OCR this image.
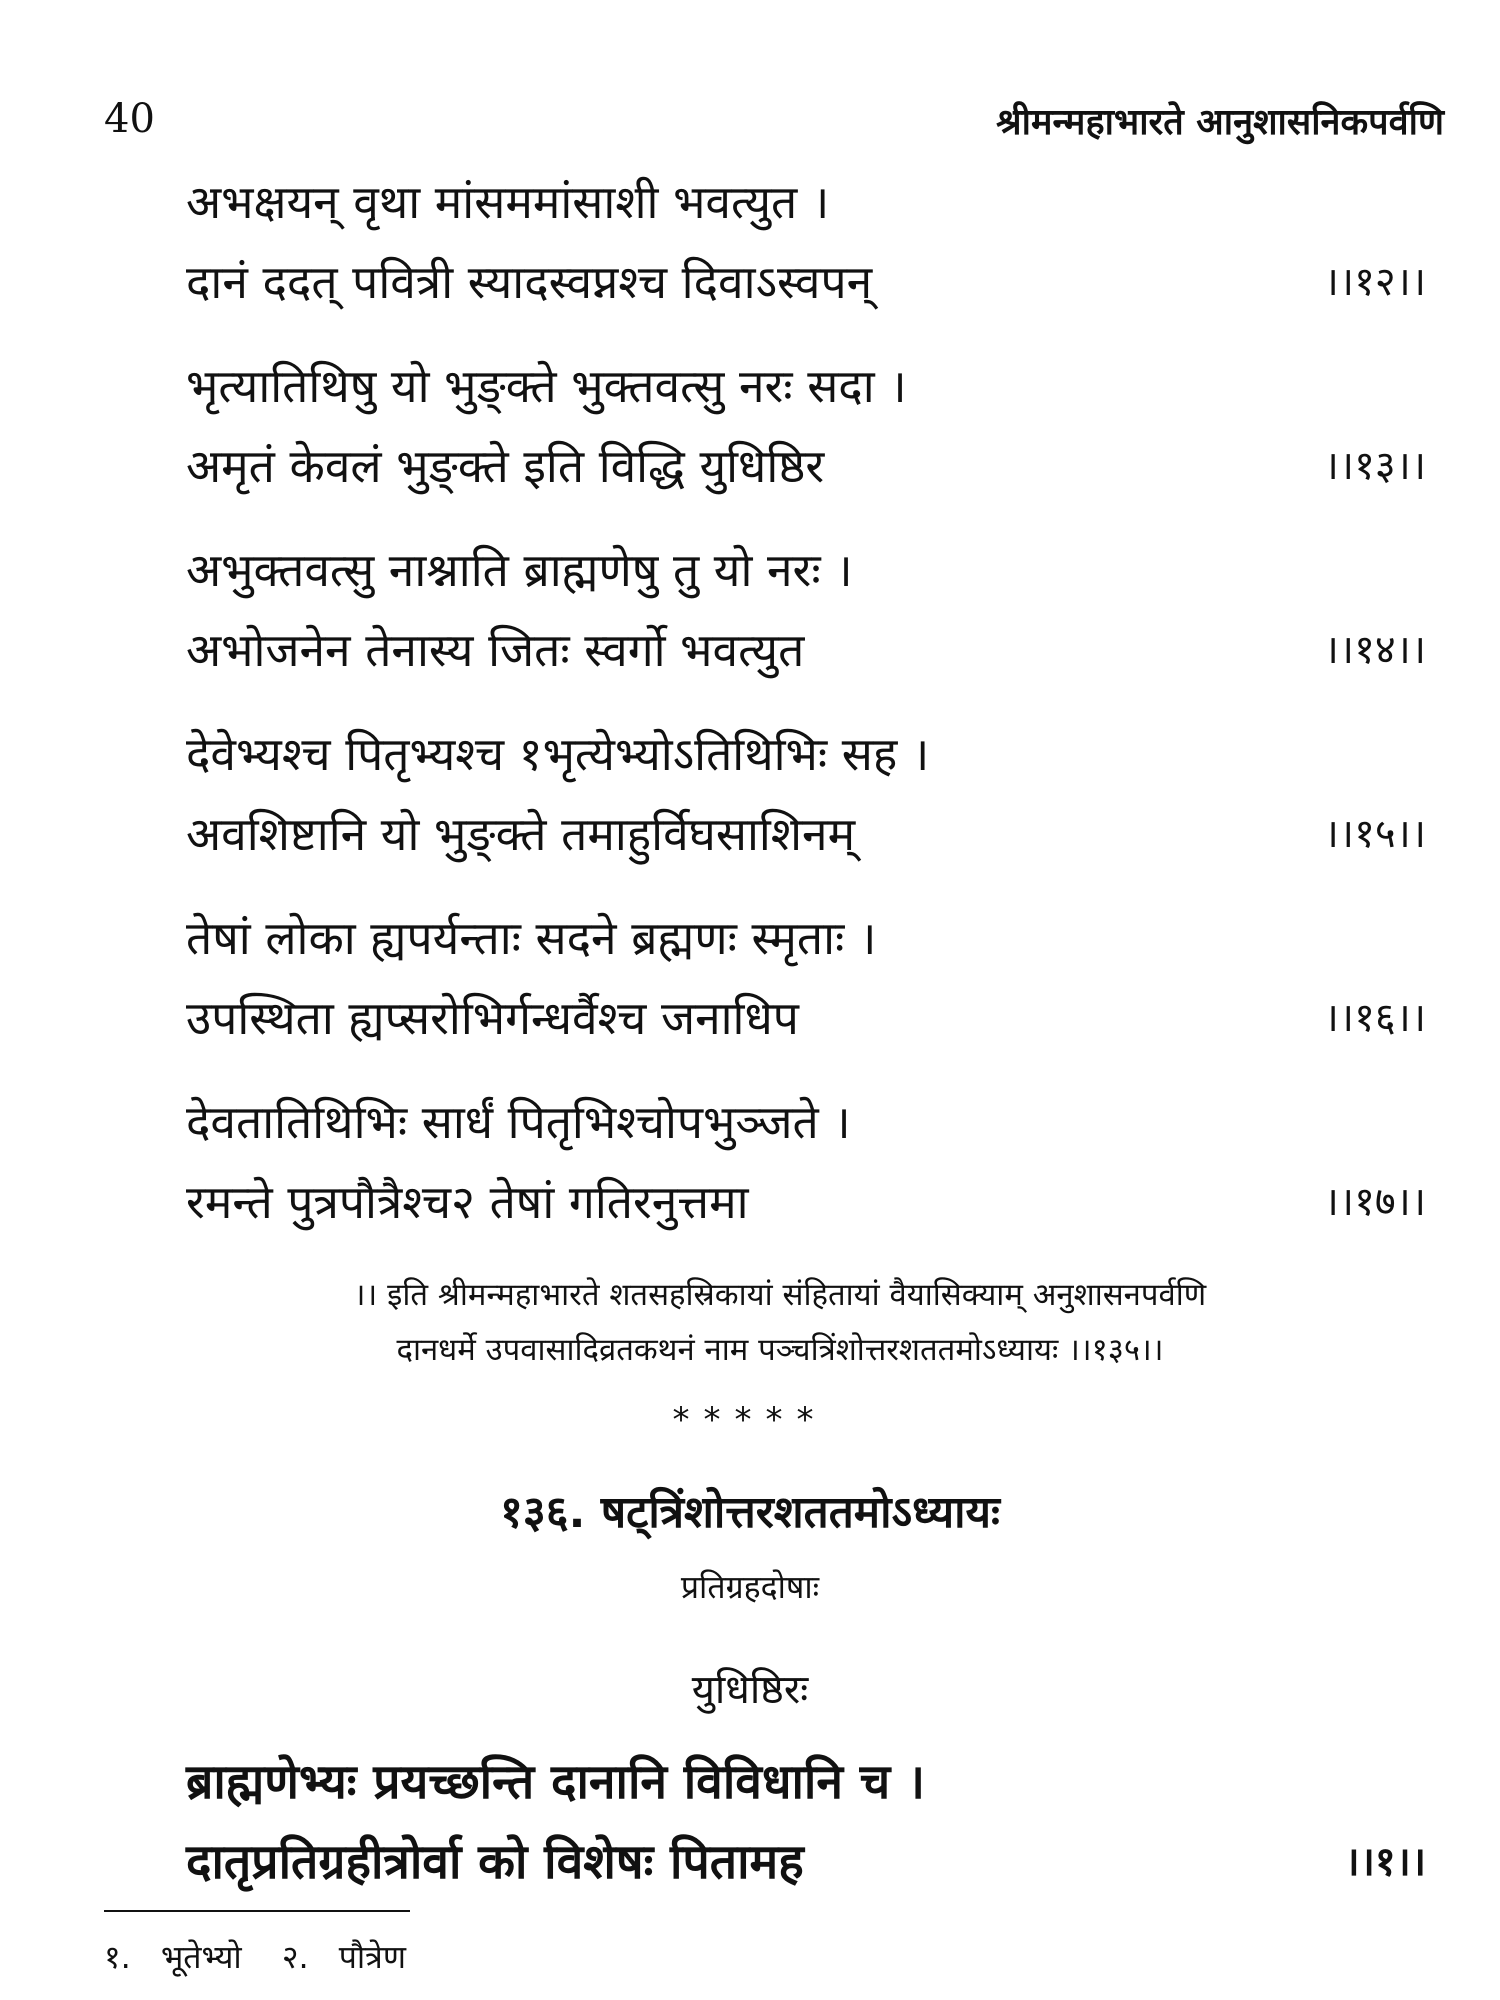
40	श्रीमन्महाभारते आनुशासनिकपर्वणि
अभक्षयन् वृथा मांसममांसाशी भवत्युत ।
दानं ददत् पवित्री स्यादस्वप्नश्च दिवाऽस्वपन्	।।१२।।
भृत्यातिथिषु यो भुङ्क्ते भुक्तवत्सु नरः सदा ।
अमृतं केवलं भुङ्क्ते इति विद्धि युधिष्ठिर	।।१३।।
अभुक्तवत्सु नाश्नाति ब्राह्मणेषु तु यो नरः ।
अभोजनेन तेनास्य जितः स्वर्गो भवत्युत	।।१४।।
देवेभ्यश्च पितृभ्यश्च १भृत्येभ्योऽतिथिभिः सह ।
अवशिष्टानि यो भुङ्क्ते तमाहुर्विघसाशिनम्	।।१५।।
तेषां लोका ह्यपर्यन्ताः सदने ब्रह्मणः स्मृताः ।
उपस्थिता ह्यप्सरोभिर्गन्धर्वैश्च जनाधिप	।।१६।।
देवतातिथिभिः सार्धं पितृभिश्चोपभुञ्जते ।
रमन्ते पुत्रपौत्रैश्च२ तेषां गतिरनुत्तमा	।।१७।।
।। इति श्रीमन्महाभारते शतसहस्रिकायां संहितायां वैयासिक्याम् अनुशासनपर्वणि
दानधर्मे उपवासादिव्रतकथनं नाम पञ्चत्रिंशोत्तरशततमोऽध्यायः ।।१३५।।
*****
१३६. षट्त्रिंशोत्तरशततमोऽध्यायः
प्रतिग्रहदोषाः
युधिष्ठिरः
ब्राह्मणेभ्यः प्रयच्छन्ति दानानि विविधानि च ।
दातृप्रतिग्रहीत्रोर्वा को विशेषः पितामह	।।१।।
१. भूतेभ्यो २. पौत्रेण
